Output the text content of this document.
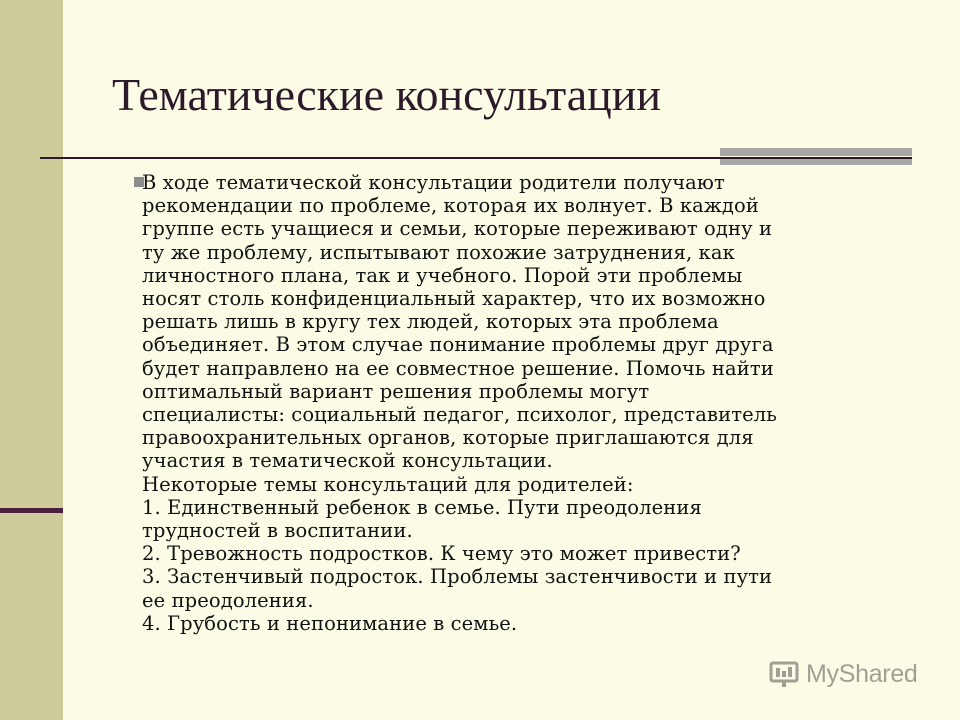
Тематические консультации
В ходе тематической консультации родители получают
рекомендации по проблеме, которая их волнует. В каждой
группе есть учащиеся и семьи, которые переживают одну и
ту же проблему, испытывают похожие затруднения, как
личностного плана, так и учебного. Порой эти проблемы
носят столь конфиденциальный характер, что их возможно
решать лишь в кругу тех людей, которых эта проблема
объединяет. В этом случае понимание проблемы друг друга
будет направлено на ее совместное решение. Помочь найти
оптимальный вариант решения проблемы могут
специалисты: социальный педагог, психолог, представитель
правоохранительных органов, которые приглашаются для
участия в тематической консультации.
Некоторые темы консультаций для родителей:
1. Единственный ребенок в семье. Пути преодоления
трудностей в воспитании.
2. Тревожность подростков. К чему это может привести?
3. Застенчивый подросток. Проблемы застенчивости и пути
ее преодоления.
4. Грубость и непонимание в семье.
MyShared
